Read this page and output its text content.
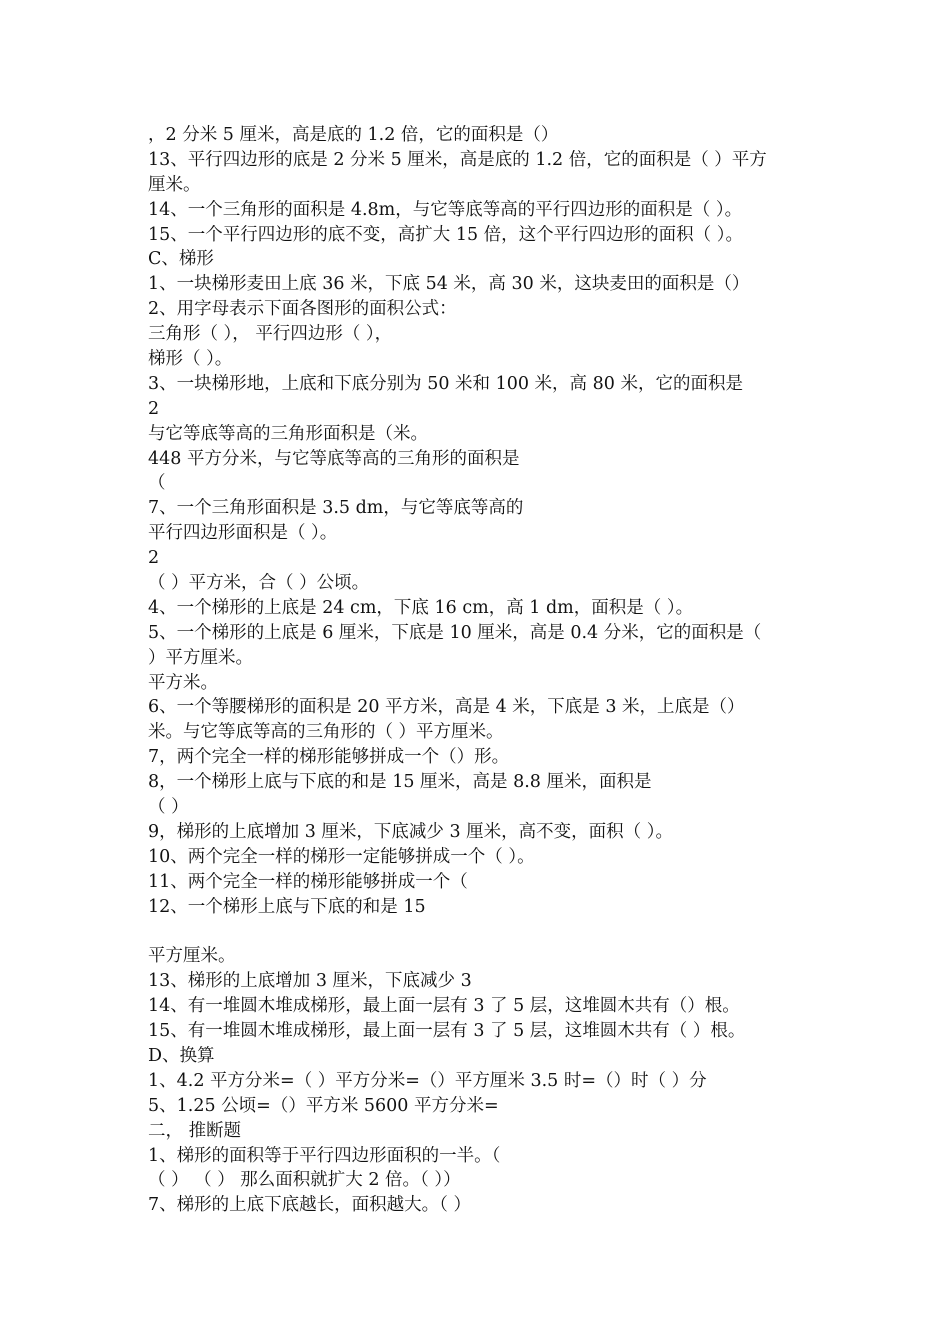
，2 分米 5 厘米，高是底的 1.2 倍，它的面积是（）
13、平行四边形的底是 2 分米 5 厘米，高是底的 1.2 倍，它的面积是（ ）平方
厘米。
14、一个三角形的面积是 4.8m，与它等底等高的平行四边形的面积是（ ）。
15、一个平行四边形的底不变，高扩大 15 倍，这个平行四边形的面积（ ）。
C、梯形
1、一块梯形麦田上底 36 米，下底 54 米，高 30 米，这块麦田的面积是（）
2、用字母表示下面各图形的面积公式：
三角形（ ）， 平行四边形（ ），
梯形（ ）。
3、一块梯形地，上底和下底分别为 50 米和 100 米，高 80 米，它的面积是
2
与它等底等高的三角形面积是（米。
448 平方分米，与它等底等高的三角形的面积是
（
7、一个三角形面积是 3.5 dm，与它等底等高的
平行四边形面积是（ ）。
2
（ ）平方米，合（ ）公顷。
4、一个梯形的上底是 24 cm，下底 16 cm，高 1 dm，面积是（ ）。
5、一个梯形的上底是 6 厘米，下底是 10 厘米，高是 0.4 分米，它的面积是（
）平方厘米。
平方米。
6、一个等腰梯形的面积是 20 平方米，高是 4 米，下底是 3 米，上底是（）
米。与它等底等高的三角形的（ ）平方厘米。
7，两个完全一样的梯形能够拼成一个（）形。
8，一个梯形上底与下底的和是 15 厘米，高是 8.8 厘米，面积是
（ ）
9，梯形的上底增加 3 厘米，下底减少 3 厘米，高不变，面积（ ）。
10、两个完全一样的梯形一定能够拼成一个（ ）。
11、两个完全一样的梯形能够拼成一个（
12、一个梯形上底与下底的和是 15
平方厘米。
13、梯形的上底增加 3 厘米，下底减少 3
14、有一堆圆木堆成梯形，最上面一层有 3 了 5 层，这堆圆木共有（）根。
15、有一堆圆木堆成梯形，最上面一层有 3 了 5 层，这堆圆木共有（ ）根。
D、换算
1、4.2 平方分米=（ ）平方分米=（）平方厘米 3.5 时=（）时（ ）分
5、1.25 公顷=（）平方米 5600 平方分米=
二， 推断题
1、梯形的面积等于平行四边形面积的一半。（
（ ） （ ） 那么面积就扩大 2 倍。（ ））
7、梯形的上底下底越长，面积越大。（ ）
